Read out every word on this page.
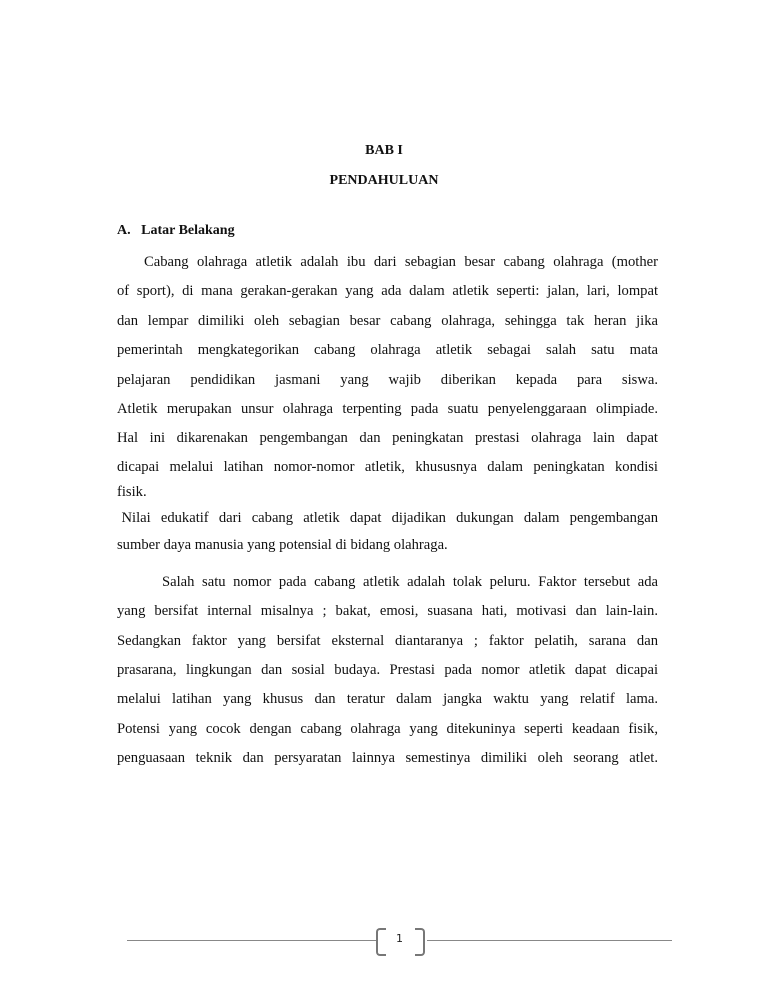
BAB I
PENDAHULUAN
A.   Latar Belakang
Cabang olahraga atletik adalah ibu dari sebagian besar cabang olahraga (mother
of sport), di mana gerakan-gerakan yang ada dalam atletik seperti: jalan, lari, lompat
dan lempar dimiliki oleh sebagian besar cabang olahraga, sehingga tak heran jika
pemerintah mengkategorikan cabang olahraga atletik sebagai salah satu mata
pelajaran pendidikan jasmani yang wajib diberikan kepada para siswa.
Atletik merupakan unsur olahraga terpenting pada suatu penyelenggaraan olimpiade.
Hal ini dikarenakan pengembangan dan peningkatan prestasi olahraga lain dapat
dicapai melalui latihan nomor-nomor atletik, khususnya dalam peningkatan kondisi
fisik.
Nilai edukatif dari cabang atletik dapat dijadikan dukungan dalam pengembangan
sumber daya manusia yang potensial di bidang olahraga.
Salah satu nomor pada cabang atletik adalah tolak peluru. Faktor tersebut ada
yang bersifat internal misalnya ; bakat, emosi, suasana hati, motivasi dan lain-lain.
Sedangkan faktor yang bersifat eksternal diantaranya ; faktor pelatih, sarana dan
prasarana, lingkungan dan sosial budaya. Prestasi pada nomor atletik dapat dicapai
melalui latihan yang khusus dan teratur dalam jangka waktu yang relatif lama.
Potensi yang cocok dengan cabang olahraga yang ditekuninya seperti keadaan fisik,
penguasaan teknik dan persyaratan lainnya semestinya dimiliki oleh seorang atlet.
1
